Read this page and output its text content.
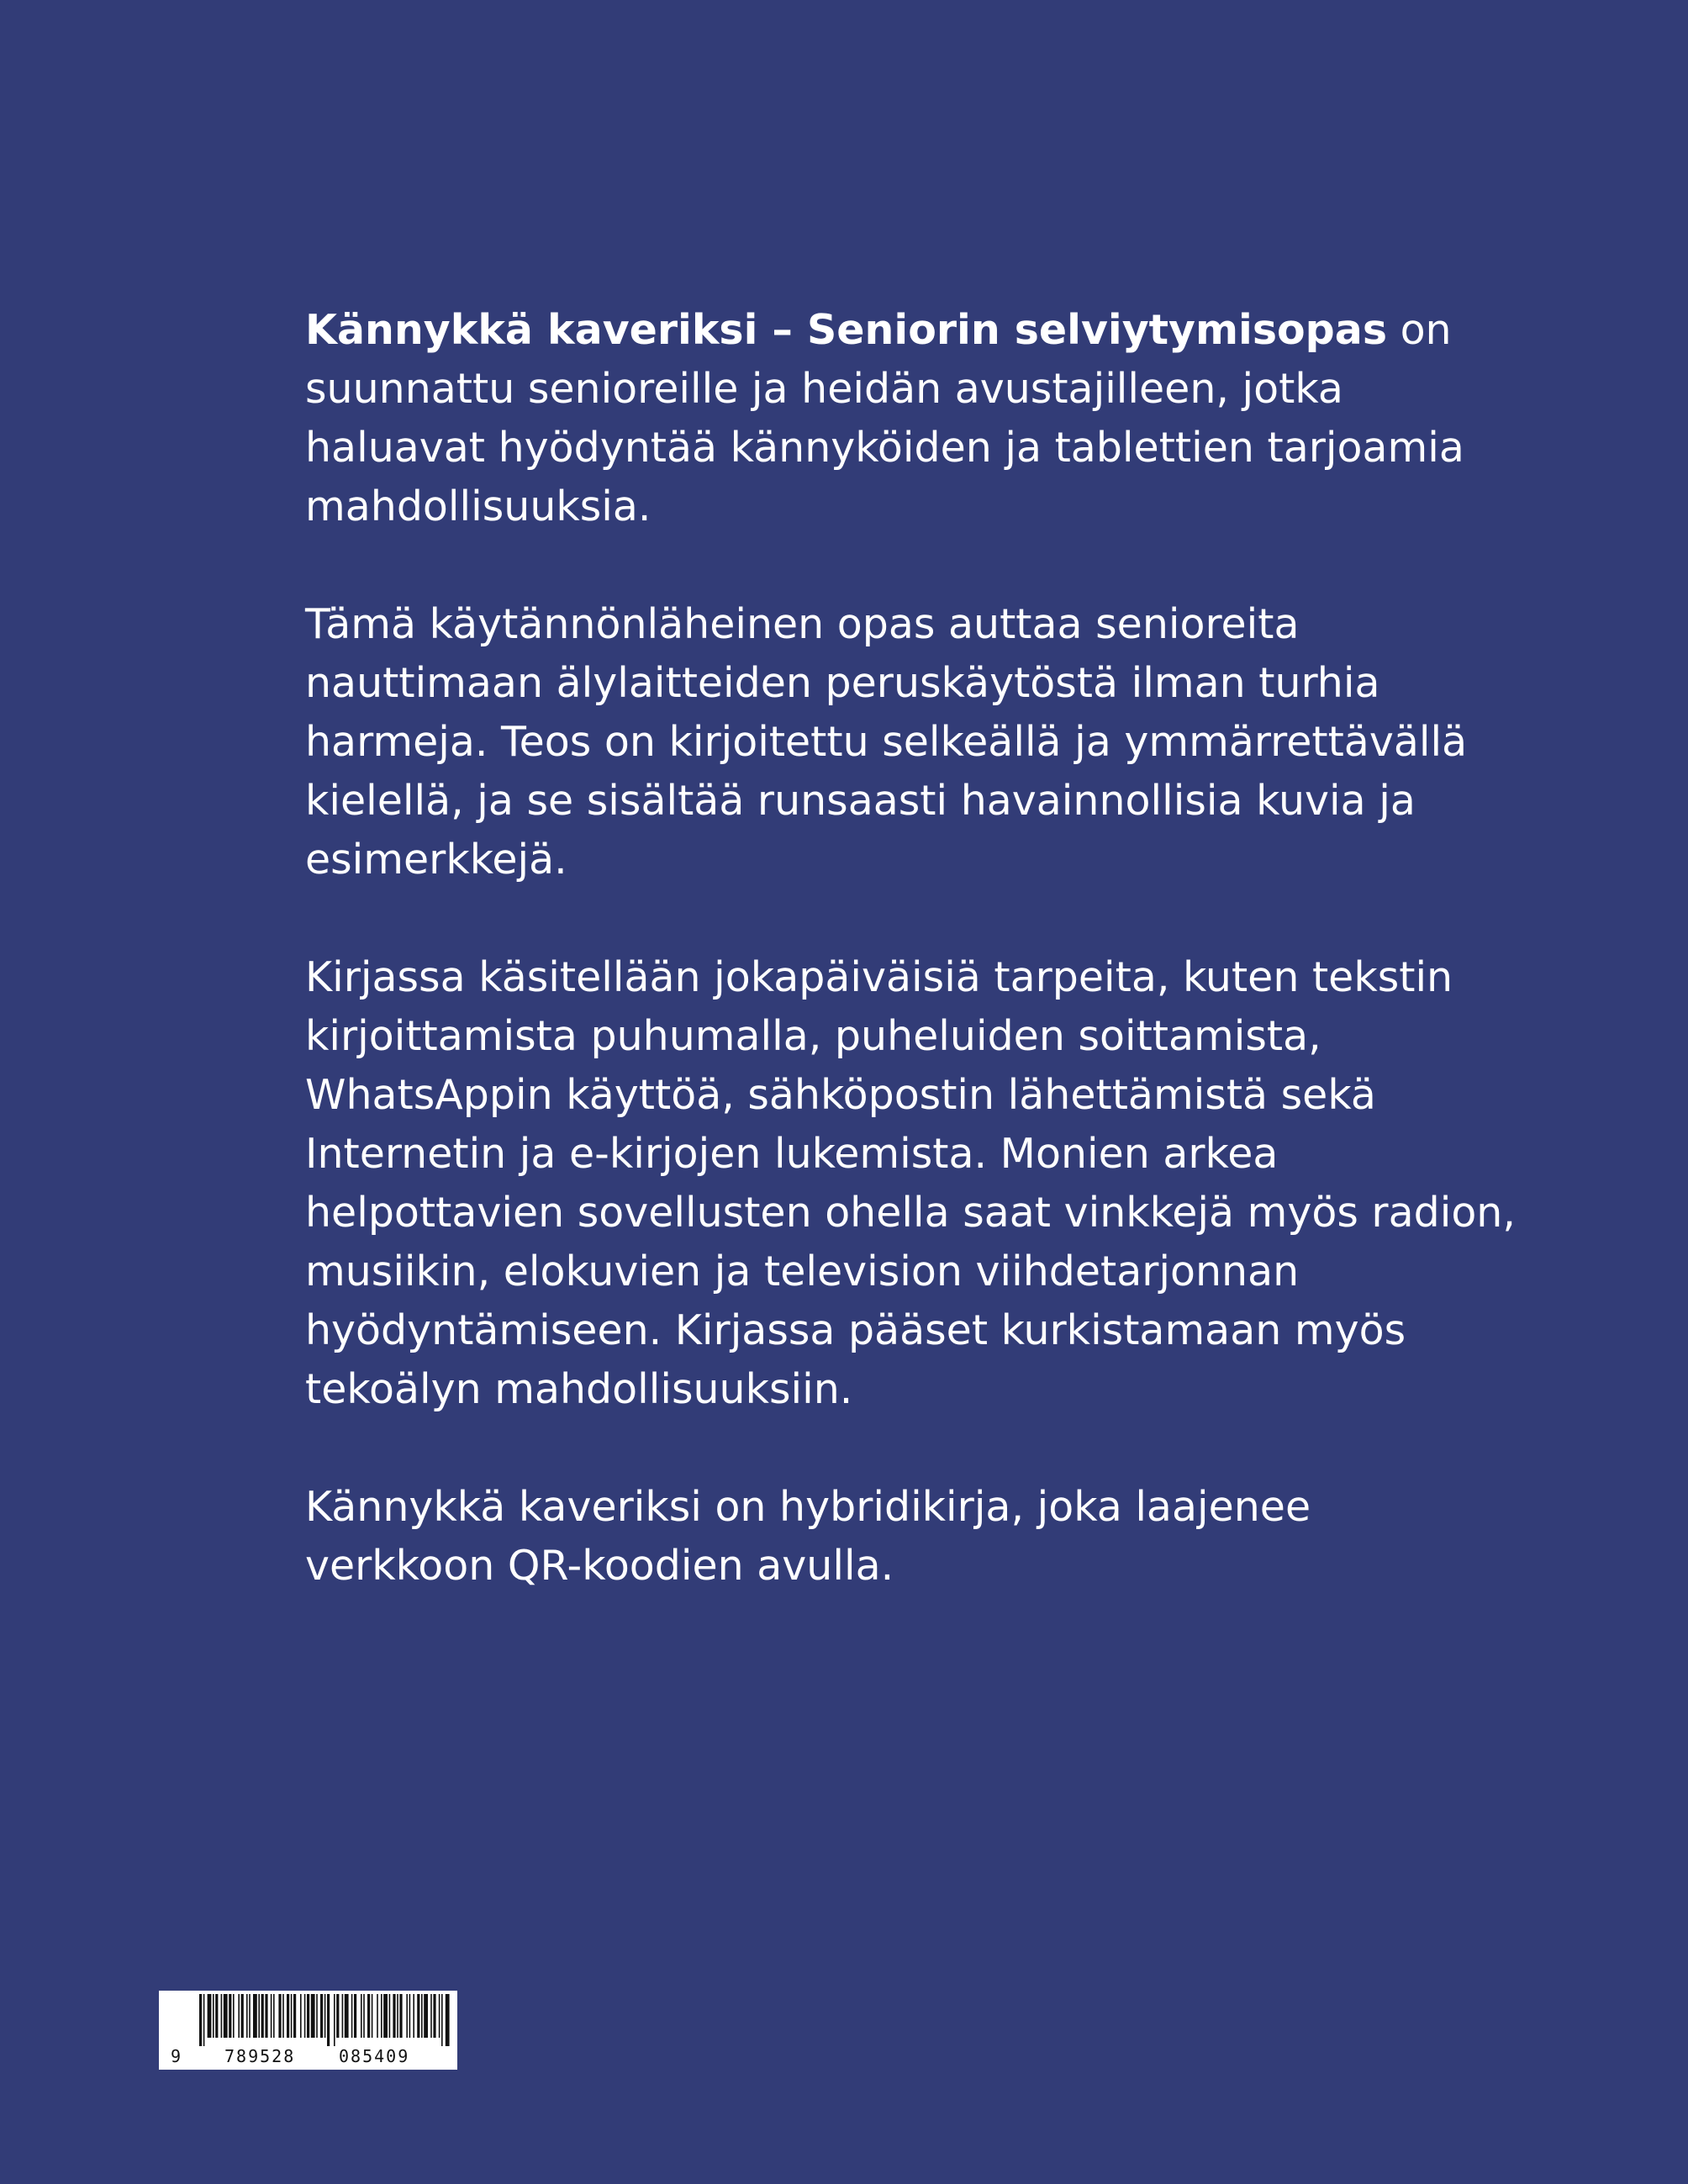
Kännykkä kaveriksi – Seniorin selviytymisopas on
suunnattu senioreille ja heidän avustajilleen, jotka
haluavat hyödyntää kännyköiden ja tablettien tarjoamia
mahdollisuuksia.

Tämä käytännönläheinen opas auttaa senioreita
nauttimaan älylaitteiden peruskäytöstä ilman turhia
harmeja. Teos on kirjoitettu selkeällä ja ymmärrettävällä
kielellä, ja se sisältää runsaasti havainnollisia kuvia ja
esimerkkejä.

Kirjassa käsitellään jokapäiväisiä tarpeita, kuten tekstin
kirjoittamista puhumalla, puheluiden soittamista,
WhatsAppin käyttöä, sähköpostin lähettämistä sekä
Internetin ja e-kirjojen lukemista. Monien arkea
helpottavien sovellusten ohella saat vinkkejä myös radion,
musiikin, elokuvien ja television viihdetarjonnan
hyödyntämiseen. Kirjassa pääset kurkistamaan myös
tekoälyn mahdollisuuksiin.

Kännykkä kaveriksi on hybridikirja, joka laajenee
verkkoon QR-koodien avulla.

9 789528	085409
